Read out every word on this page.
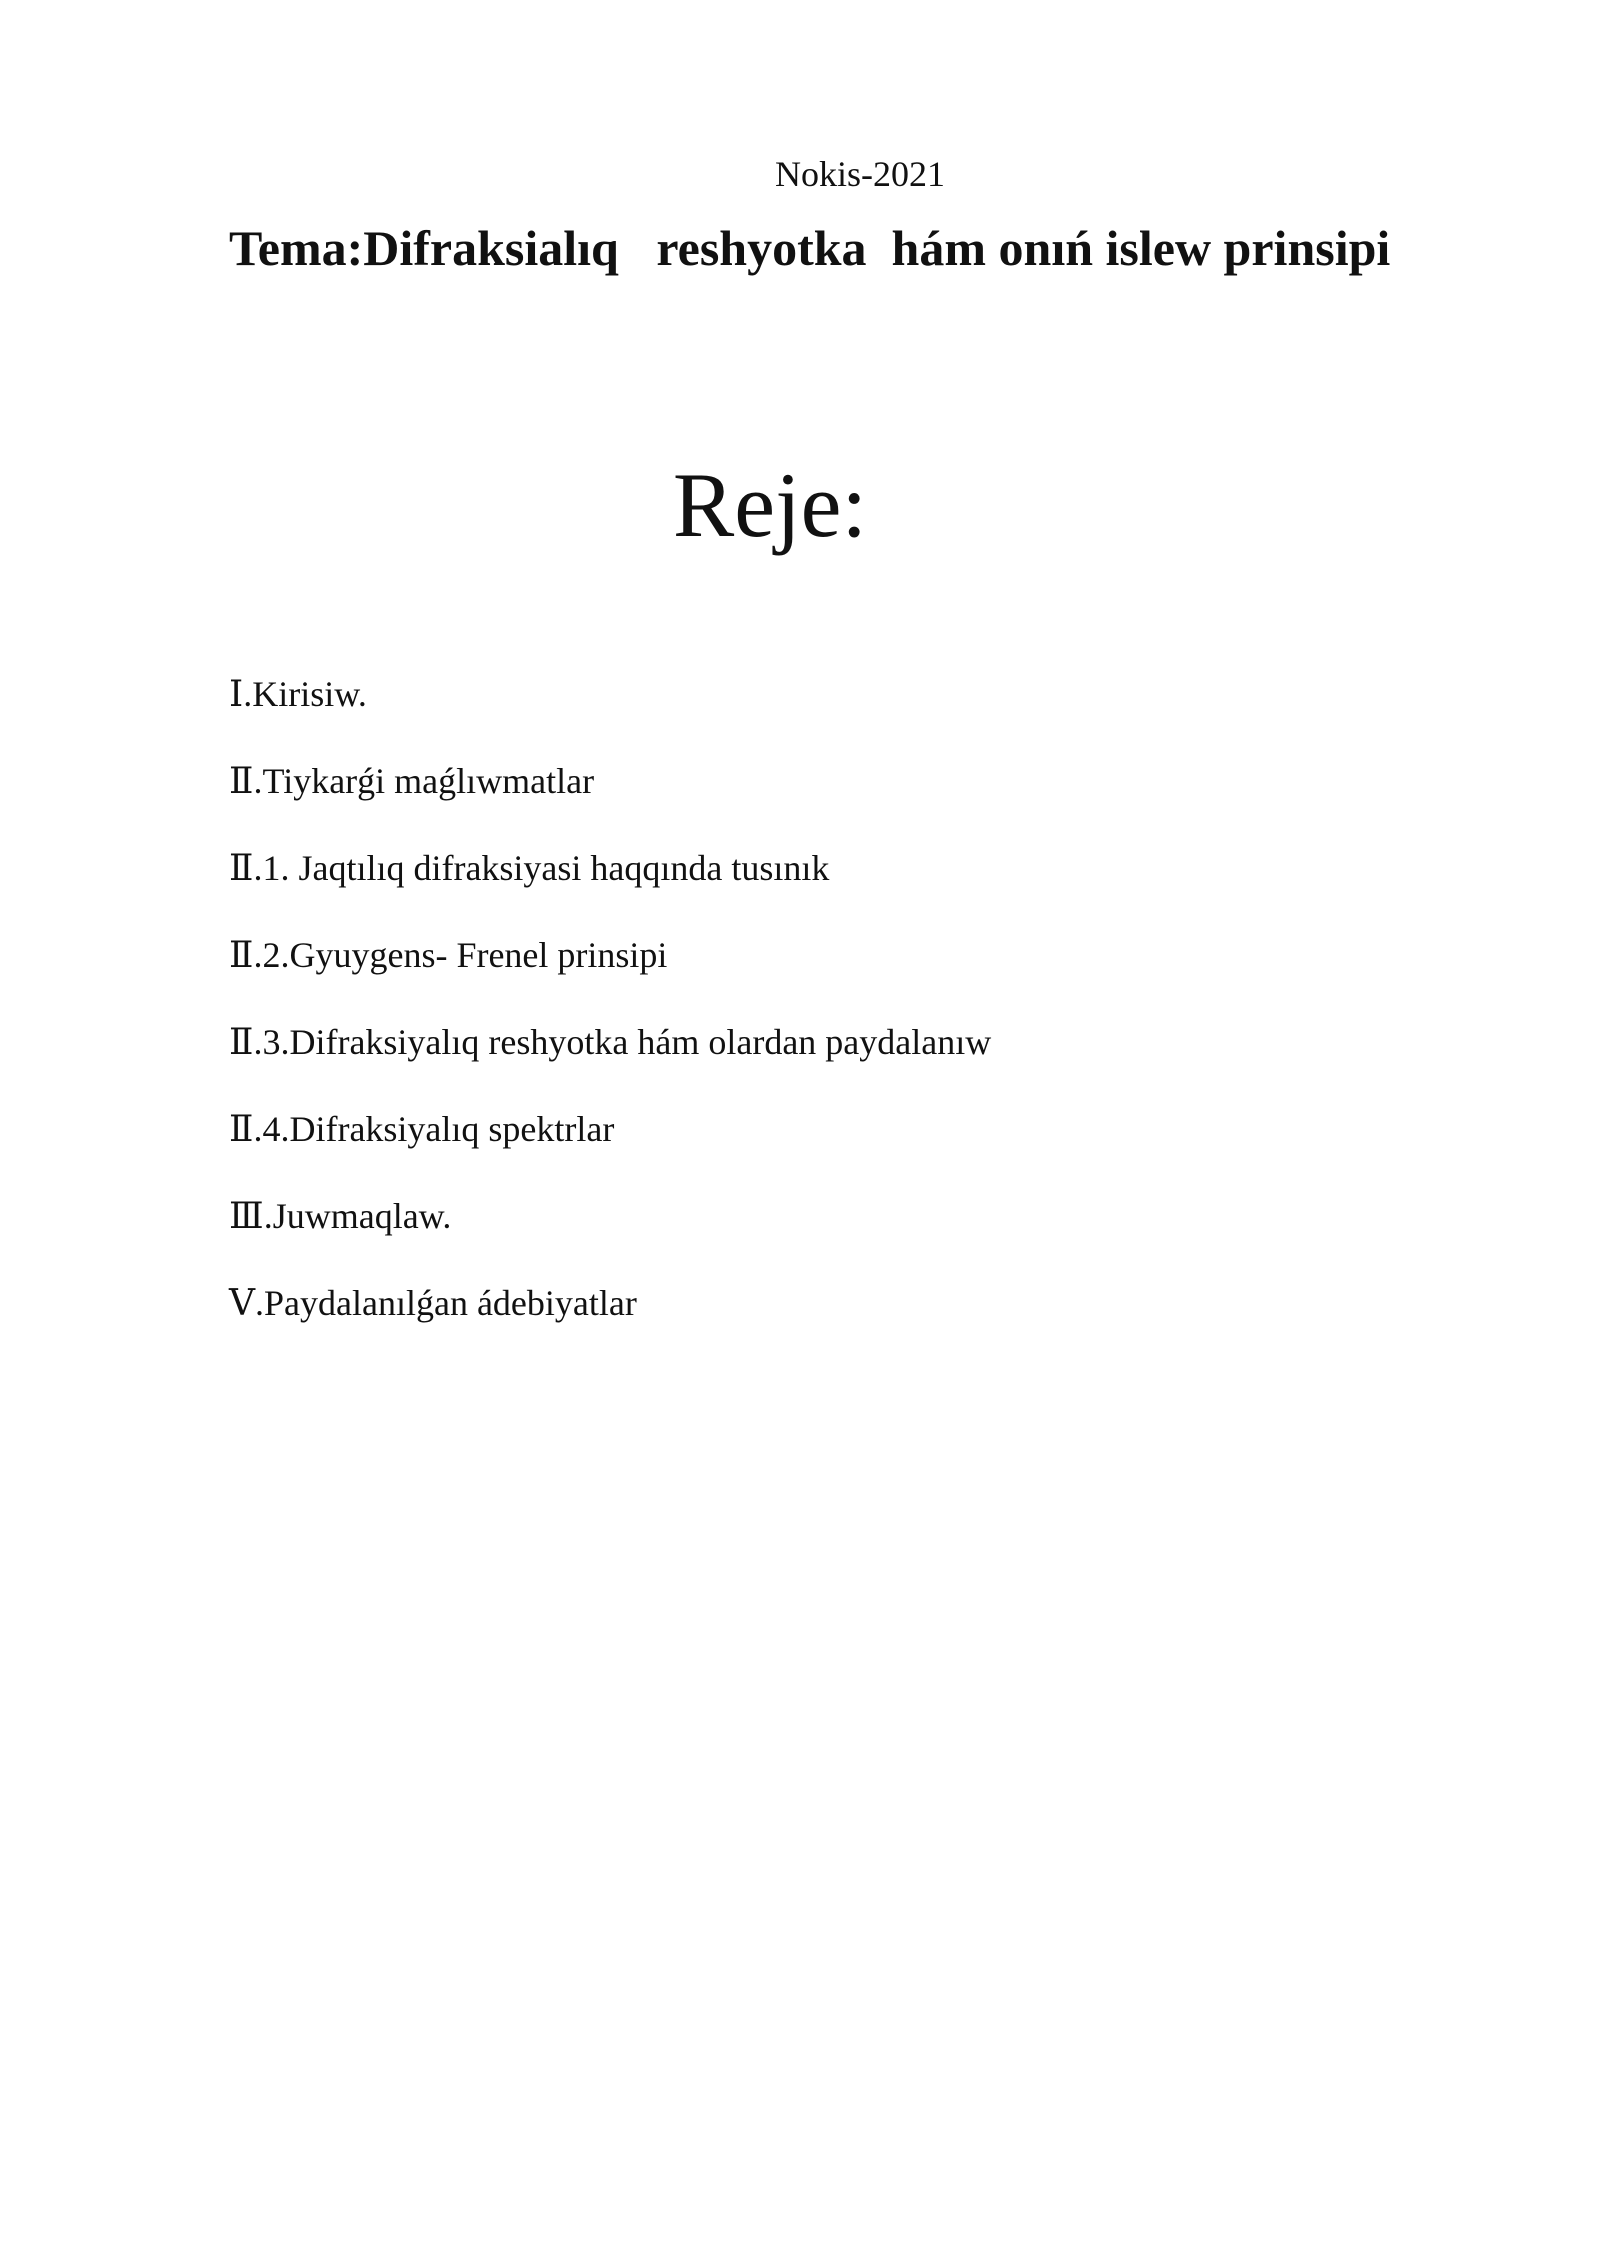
Nokis-2021
Tema:Difraksialıq   reshyotka  hám onıń islew prinsipi
Reje:
Ⅰ.Kirisiw.
Ⅱ.Tiykarǵi maǵlıwmatlar
Ⅱ.1. Jaqtılıq difraksiyasi haqqında tusınık
Ⅱ.2.Gyuygens- Frenel prinsipi
Ⅱ.3.Difraksiyalıq reshyotka hám olardan paydalanıw
Ⅱ.4.Difraksiyalıq spektrlar
Ⅲ.Juwmaqlaw.
Ⅴ.Paydalanılǵan ádebiyatlar
